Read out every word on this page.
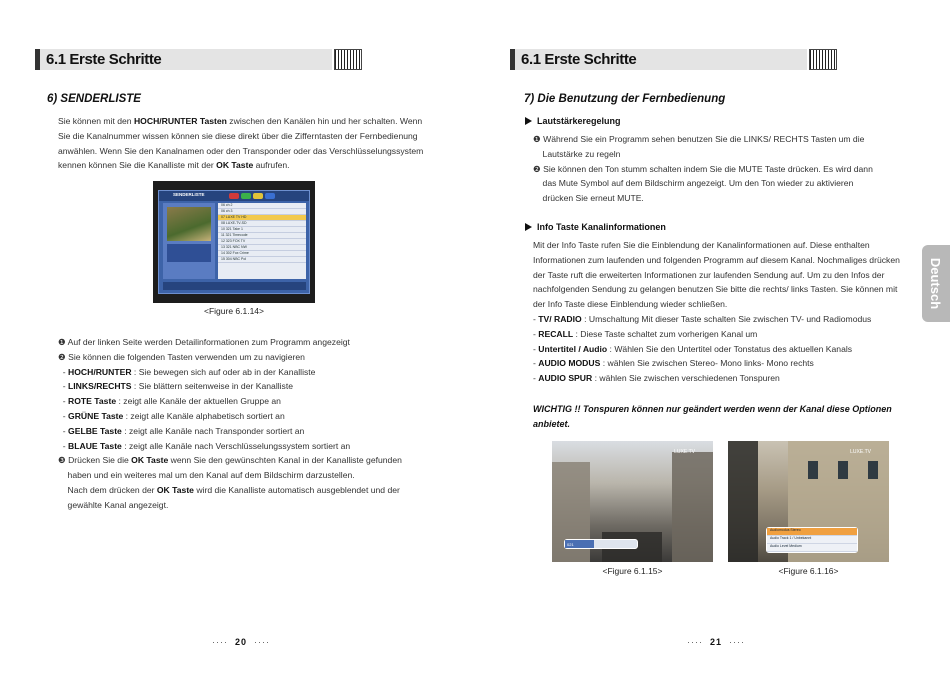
6.1 Erste Schritte
6) SENDERLISTE
Sie können mit den HOCH/RUNTER Tasten zwischen den Kanälen hin und her schalten. Wenn Sie die Kanalnummer wissen können sie diese direkt über die Zifferntasten der Fernbedienung anwählen. Wenn Sie den Kanalnamen oder den Transponder oder das Verschlüsselungssystem kennen können Sie die Kanalliste mit der OK Taste aufrufen.
SENDERLISTE
06 ch 2
06 ch 3
07 LUXE TV HD
08 LUXE-TV-SD
10 321 Take 1
11 321 Timecode
12 323 FOX TV
13 321 NBC NW
14 302 Fox Crime
15 304 NBC Pol
<Figure 6.1.14>
❶ Auf der linken Seite werden Detailinformationen zum Programm angezeigt
❷ Sie können die folgenden Tasten verwenden um zu navigieren
- HOCH/RUNTER : Sie bewegen sich auf oder ab in der Kanalliste
- LINKS/RECHTS : Sie blättern seitenweise in der Kanalliste
- ROTE Taste : zeigt alle Kanäle der aktuellen Gruppe an
- GRÜNE Taste : zeigt alle Kanäle alphabetisch sortiert an
- GELBE Taste : zeigt alle Kanäle nach Transponder sortiert an
- BLAUE Taste : zeigt alle Kanäle nach Verschlüsselungssystem sortiert an
❸ Drücken Sie die OK Taste wenn Sie den gewünschten Kanal in der Kanalliste gefunden
haben und ein weiteres mal um den Kanal auf dem Bildschirm darzustellen.
Nach dem drücken der OK Taste wird die Kanalliste automatisch ausgeblendet und der
gewählte Kanal angezeigt.
···· 20 ····
6.1 Erste Schritte
7) Die Benutzung der Fernbedienung
Lautstärkeregelung
❶ Während Sie ein Programm sehen benutzen Sie die LINKS/ RECHTS Tasten um die
Lautstärke zu regeln
❷ Sie können den Ton stumm schalten indem Sie die MUTE Taste drücken. Es wird dann
das Mute Symbol auf dem Bildschirm angezeigt. Um den Ton wieder zu aktivieren
drücken Sie erneut MUTE.
Info Taste Kanalinformationen
Mit der Info Taste rufen Sie die Einblendung der Kanalinformationen auf. Diese enthalten Informationen zum laufenden und folgenden Programm auf diesem Kanal. Nochmaliges drücken der Taste ruft die erweiterten Informationen zur laufenden Sendung auf. Um zu den Infos der nachfolgenden Sendung zu gelangen benutzen Sie bitte die rechts/ links Tasten. Sie können mit der Info Taste diese Einblendung wieder schließen.
- TV/ RADIO : Umschaltung Mit dieser Taste schalten Sie zwischen TV- und Radiomodus
- RECALL : Diese Taste schaltet zum vorherigen Kanal um
- Untertitel / Audio : Wählen Sie den Untertitel oder Tonstatus des aktuellen Kanals
- AUDIO MODUS : wählen Sie zwischen Stereo- Mono links- Mono rechts
- AUDIO SPUR : wählen Sie zwischen verschiedenen Tonspuren
WICHTIG !! Tonspuren können nur geändert werden wenn der Kanal diese Optionen anbietet.
Deutsch
<Figure 6.1.15>	<Figure 6.1.16>
···· 21 ····
LUXE.TV
021
LUXE.TV
Audiomodus Stereo
Audio Track 1 / Unbekannt
Audio Level Medium
